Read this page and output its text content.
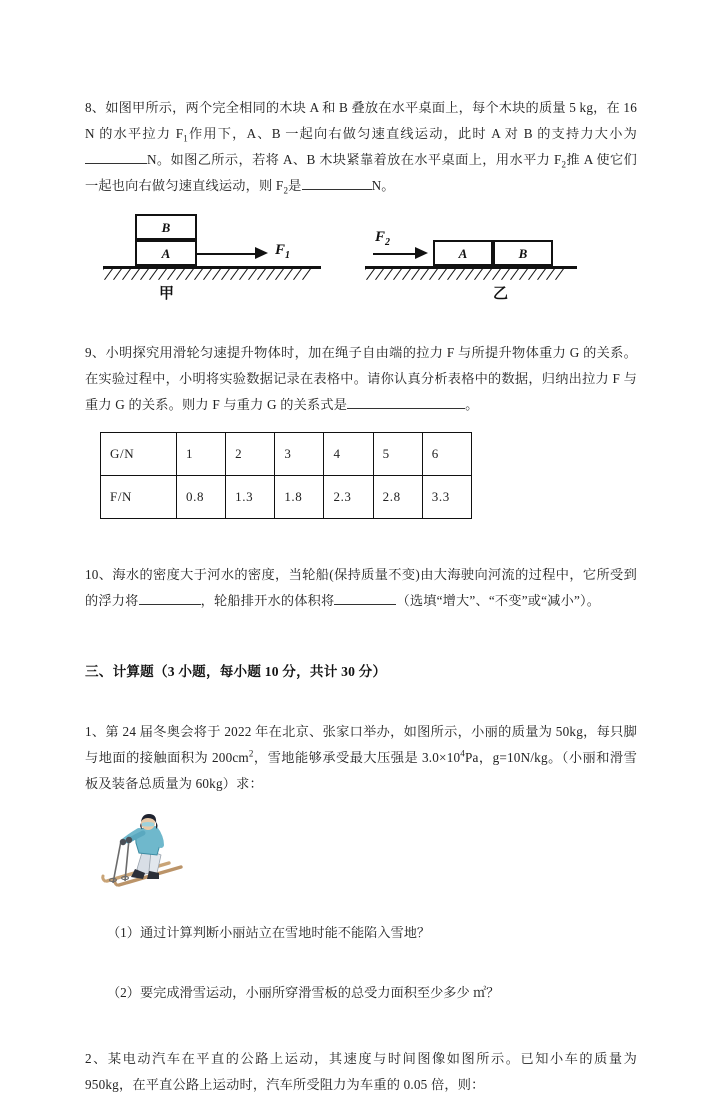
8、如图甲所示，两个完全相同的木块 A 和 B 叠放在水平桌面上，每个木块的质量 5 kg，在 16 N 的水平拉力 $F_1$作用下，A、B 一起向右做匀速直线运动，此时 A 对 B 的支持力大小为N。如图乙所示，若将 A、B 木块紧靠着放在水平桌面上，用水平力 $F_2$推 A 使它们一起也向右做匀速直线运动，则 $F_2$是	N。

B
A	$F_1$
甲
$F_2$
A	B
乙

9、小明探究用滑轮匀速提升物体时，加在绳子自由端的拉力 F 与所提升物体重力 G 的关系。在实验过程中，小明将实验数据记录在表格中。请你认真分析表格中的数据，归纳出拉力 F 与重力 G 的关系。则力 F 与重力 G 的关系式是	。

G/N	1	2	3	4	5	6
F/N	0.8	1.3	1.8	2.3	2.8	3.3

10、海水的密度大于河水的密度，当轮船(保持质量不变)由大海驶向河流的过程中，它所受到的浮力将	，轮船排开水的体积将	（选填“增大”、“不变”或“减小”）。

三、计算题（3 小题，每小题 10 分，共计 30 分）

1、第 24 届冬奥会将于 2022 年在北京、张家口举办，如图所示，小丽的质量为 50kg，每只脚与地面的接触面积为 $200cm^2$，雪地能够承受最大压强是 $3.0\times 10^4Pa$，g=10N/kg。（小丽和滑雪板及装备总质量为 60kg）求：

（1）通过计算判断小丽站立在雪地时能不能陷入雪地？

（2）要完成滑雪运动，小丽所穿滑雪板的总受力面积至少多少 ㎡？

2、某电动汽车在平直的公路上运动，其速度与时间图像如图所示。已知小车的质量为 950kg，在平直公路上运动时，汽车所受阻力为车重的 0.05 倍，则：
